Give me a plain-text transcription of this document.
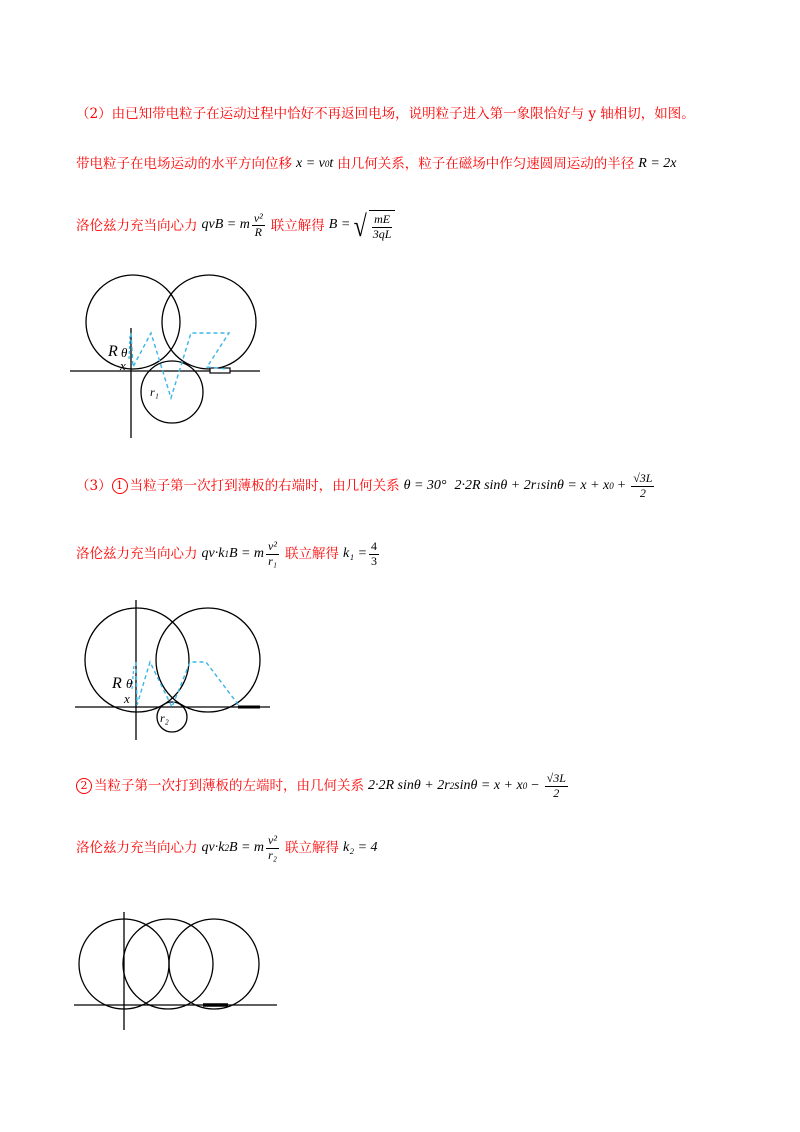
（2） 由已知带电粒子在运动过程中恰好不再返回电场，说明粒子进入第一象限恰好与 y 轴相切，如图。
带电粒子在电场运动的水平方向位移 x = v 0 t 由几何关系，粒子在磁场中作匀速圆周运动的半径 R = 2x
洛伦兹力充当向心力 qvB = m $\frac{\text{v²}}{R}$ 联立解得 B = √ $\frac{mE}{3qL}$
R θ
x
r₁
（3） 1 当粒子第一次打到薄板的右端时，由几何关系 θ = 30° 2·2R sinθ + 2r 1 sinθ = x + x $0 + \frac{√3L}{2}$
洛伦兹力充当向心力 qv·k 1 B = m $\frac{\text{v²}}{\text{r₁}}$ 联立解得 $k_1 = \frac{4}{3}$
R θ
x
r₂
2 当粒子第一次打到薄板的左端时，由几何关系 2·2R sinθ + 2r 2 sinθ = x + x $0 - \frac{√3L}{2}$
洛伦兹力充当向心力 qv·k 2 B = m $\frac{\text{v²}}{\text{r₂}}$ 联立解得 k₂ = 4
